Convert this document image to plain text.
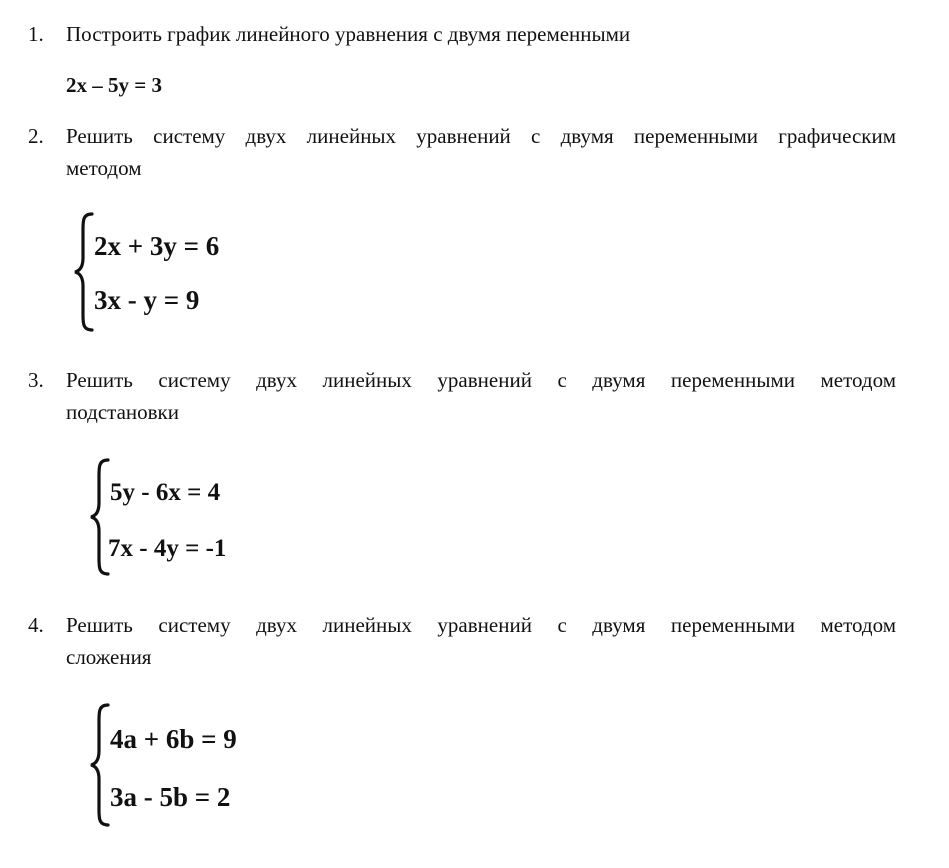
1. Построить график линейного уравнения с двумя переменными
2x – 5y = 3
2. Решить систему двух линейных уравнений с двумя переменными графическим
методом
2x + 3y = 6
3x - y = 9
3. Решить систему двух линейных уравнений с двумя переменными методом
подстановки
5y - 6x = 4
7x - 4y = -1
4. Решить систему двух линейных уравнений с двумя переменными методом
сложения
4a + 6b = 9
3a - 5b = 2
